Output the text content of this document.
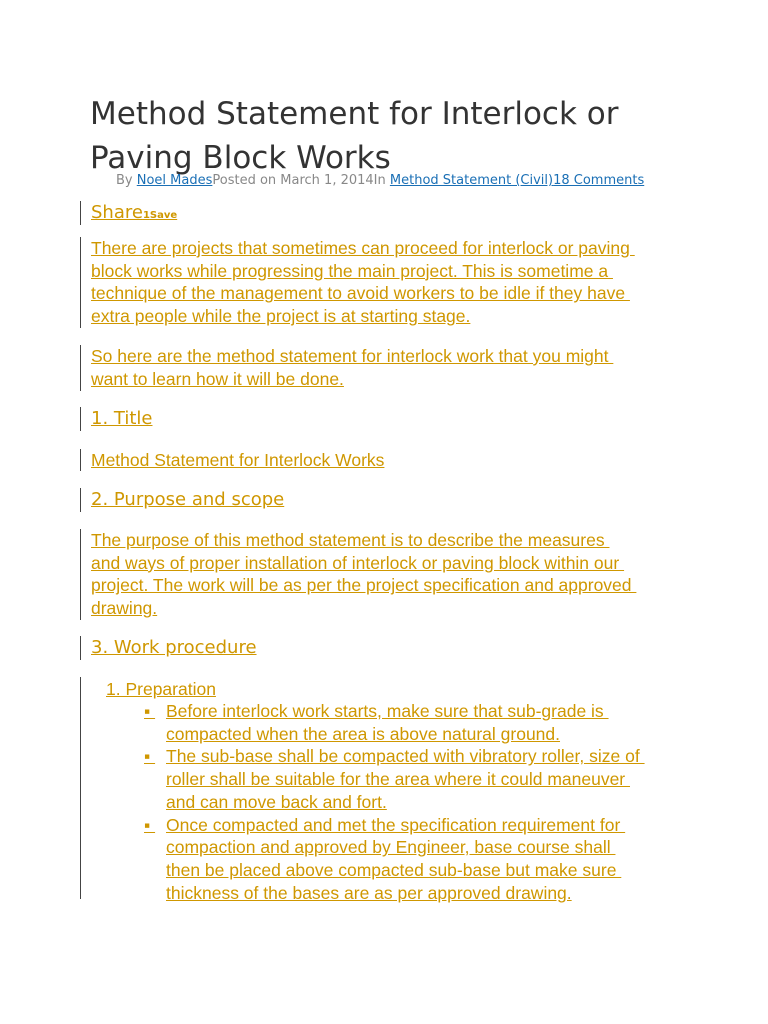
Method Statement for Interlock or Paving Block Works
By Noel MadesPosted on March 1, 2014In Method Statement (Civil)18 Comments
Share1Save
There are projects that sometimes can proceed for interlock or paving
block works while progressing the main project. This is sometime a
technique of the management to avoid workers to be idle if they have
extra people while the project is at starting stage.
So here are the method statement for interlock work that you might
want to learn how it will be done.
1. Title
Method Statement for Interlock Works
2. Purpose and scope
The purpose of this method statement is to describe the measures
and ways of proper installation of interlock or paving block within our
project. The work will be as per the project specification and approved
drawing.
3. Work procedure
1. Preparation
▪ Before interlock work starts, make sure that sub-grade is
compacted when the area is above natural ground.
▪ The sub-base shall be compacted with vibratory roller, size of
roller shall be suitable for the area where it could maneuver
and can move back and fort.
▪ Once compacted and met the specification requirement for
compaction and approved by Engineer, base course shall
then be placed above compacted sub-base but make sure
thickness of the bases are as per approved drawing.
